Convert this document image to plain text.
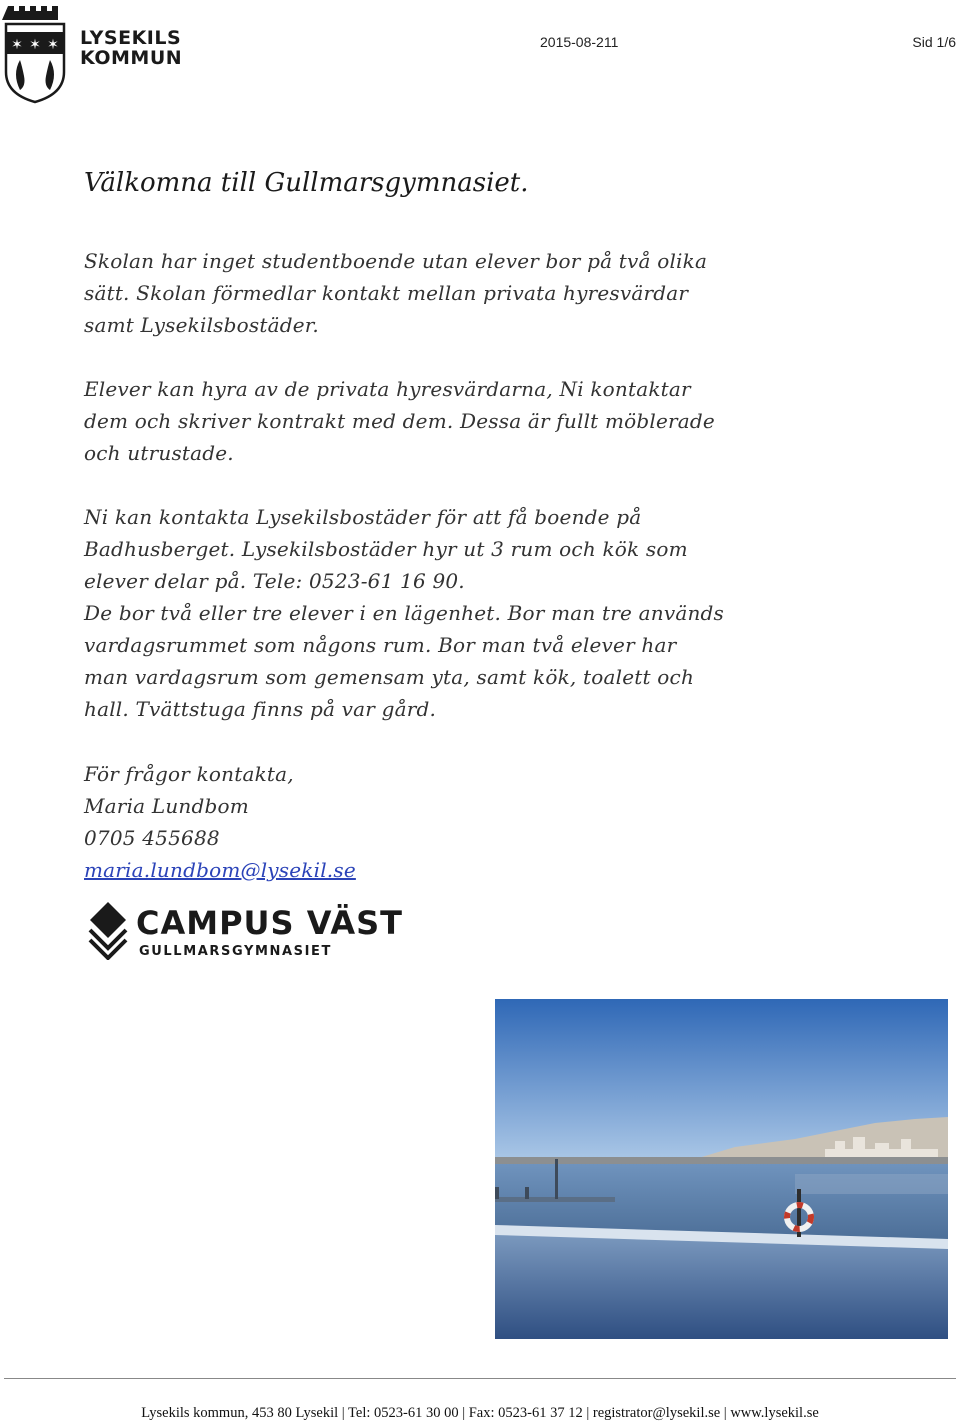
✶ ✶ ✶ LYSEKILS
KOMMUN
2015-08-211	Sid 1/6
Välkomna till Gullmarsgymnasiet.
Skolan har inget studentboende utan elever bor på två olika
sätt. Skolan förmedlar kontakt mellan privata hyresvärdar
samt Lysekilsbostäder.
Elever kan hyra av de privata hyresvärdarna, Ni kontaktar
dem och skriver kontrakt med dem. Dessa är fullt möblerade
och utrustade.
Ni kan kontakta Lysekilsbostäder för att få boende på
Badhusberget. Lysekilsbostäder hyr ut 3 rum och kök som
elever delar på. Tele: 0523-61 16 90.
De bor två eller tre elever i en lägenhet. Bor man tre används
vardagsrummet som någons rum. Bor man två elever har
man vardagsrum som gemensam yta, samt kök, toalett och
hall. Tvättstuga finns på var gård.
För frågor kontakta,
Maria Lundbom
0705 455688
maria.lundbom@lysekil.se
CAMPUS VÄST
GULLMARSGYMNASIET
Lysekils kommun, 453 80 Lysekil | Tel: 0523-61 30 00 | Fax: 0523-61 37 12 | registrator@lysekil.se | www.lysekil.se
